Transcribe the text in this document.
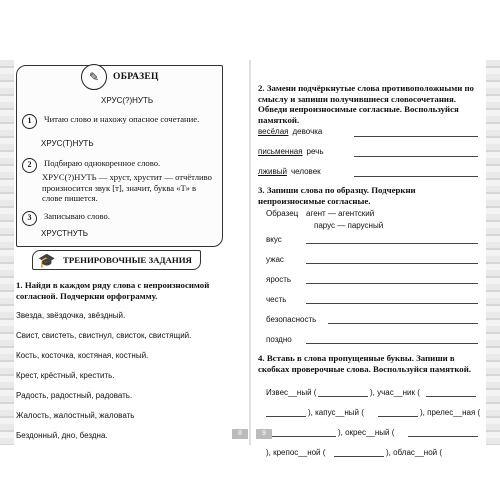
✎	ОБРАЗЕЦ
ХРУС(?)НУТЬ
1	Читаю слово и нахожу опасное сочетание.
ХРУС(Т)НУТЬ
2	Подбираю однокоренное слово.
ХРУС(?)НУТЬ — хруст, хрустит — отчётливо произносится звук [т], значит, буква «Т» в слове пишется.
3	Записываю слово.
ХРУСТНУТЬ
🎓 ТРЕНИРОВОЧНЫЕ ЗАДАНИЯ
1. Найди в каждом ряду слова с непроизносимой согласной. Подчеркни орфограмму.
Звезда, звёздочка, звёздный.
Свист, свистеть, свистнул, свисток, свистящий.
Кость, косточка, костяная, костный.
Крест, крёстный, крестить.
Радость, радостный, радовать.
Жалость, жалостный, жаловать
Бездонный, дно, бездна.	8
2. Замени подчёркнутые слова противоположными по смыслу и запиши получившиеся словосочетания. Обведи непроизносимые согласные. Воспользуйся памяткой.
весёлая девочка
письменная речь
лживый человек
3. Запиши слова по образцу. Подчеркни непроизносимые согласные.
Образец агент — агентский
парус — парусный
вкус
ужас
ярость
честь
безопасность
поздно
4. Вставь в слова пропущенные буквы. Запиши в скобках проверочные слова. Воспользуйся памяткой.
Извес__ный (	), учас__ник (
), капус__ный (	), прелес__ная (
), окрес__ный (
9
), крепос__ной (	), облас__ной (
